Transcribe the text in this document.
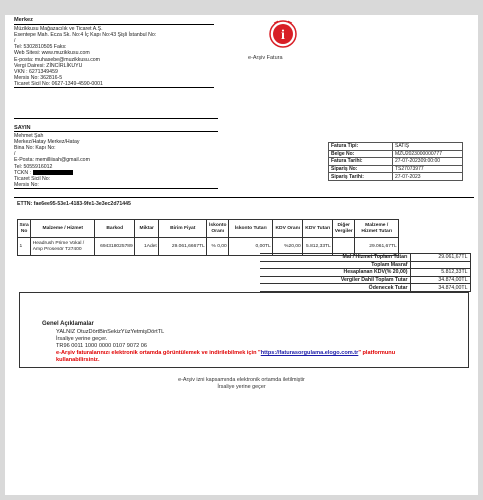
Merkez
Müzikkusu Mağazacılık ve Ticaret A.Ş.
Esentepe Mah. Ecza Sk. No:4 İç Kapı No:43 Şişli İstanbul No:
/
Tel: 5302810505 Faks:
Web Sitesi: www.muzikkusu.com
E-posta: muhasebe@muzikkusu.com
Vergi Dairesi: ZİNCİRLİKUYU
VKN : 6271349459
Mersis No: 362816-5
Ticaret Sicil No: 0627-1349-4590-0001
i
e-Arşiv Fatura
SAYIN
Mehmet Şah
Merkez/Hatay Merkez/Hatay
Bina No: Kapı No:
/
E-Posta: memilliisah@gmail.com
Tel: 5055916012
TCKN :
Ticaret Sicil No:
Mersis No:
Fatura Tipi:	SATIŞ
Belge No:	MZU2023000000777
Fatura Tarihi:	27-07-202309:00:00
Sipariş No:	TS27073977
Sipariş Tarihi:	27-07-2023
ETTN: fae6ee95-53e1-4183-9fe1-3e3ec2d71445
Sıra No	Malzeme / Hizmet	Barkod	Miktar	Birim Fiyat	İskonto Oranı	İskonto Tutarı	KDV Oranı	KDV Tutarı	Diğer Vergiler	Malzeme / Hizmet Tutarı
1	Headrush Prime Vokal / Amp Prosesör T27400	694318025789	1Adet	29.061,6667TL	% 0,00	0,00TL	%20,00	5.812,33TL		29.061,67TL
Mal / Hizmet Toplam Tutarı	29.061,67TL
Toplam Masraf	
Hesaplanan KDV(% 20,00)	5.812,33TL
Vergiler Dahil Toplam Tutar	34.874,00TL
Ödenecek Tutar	34.874,00TL
Genel Açıklamalar
YALNIZ OtuzDörtBinSekizYüzYetmişDörtTL
İrsaliye yerine geçer.
TR96 0011 1000 0000 0107 9072 06
e-Arşiv faturalarınızı elektronik ortamda görüntülemek ve indirilebilmek için "https://faturasorgulama.elogo.com.tr" platformunu
kullanabilirsiniz.
e-Arşiv izni kapsamında elektronik ortamda iletilmiştir
İrsaliye yerine geçer
